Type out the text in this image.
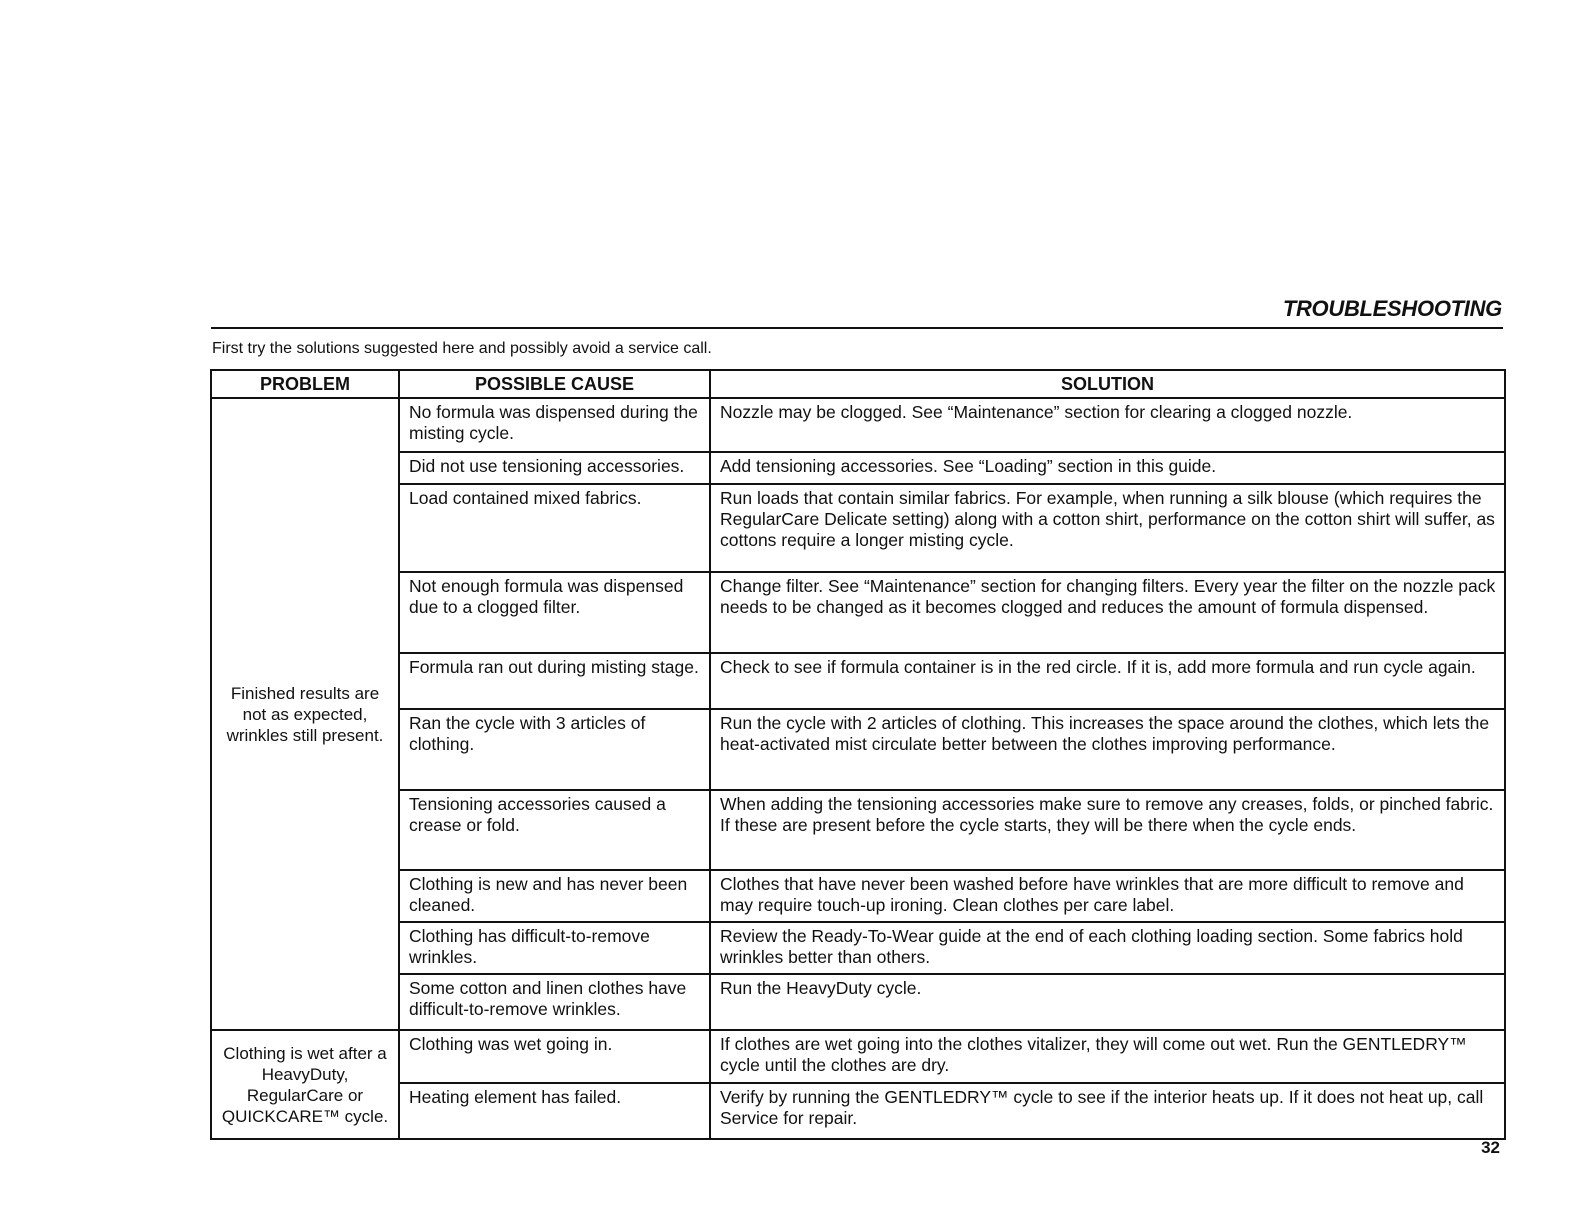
TROUBLESHOOTING
First try the solutions suggested here and possibly avoid a service call.
PROBLEM	POSSIBLE CAUSE	SOLUTION
Finished results are not as expected, wrinkles still present.	No formula was dispensed during the misting cycle.	Nozzle may be clogged. See “Maintenance” section for clearing a clogged nozzle.
	Did not use tensioning accessories.	Add tensioning accessories. See “Loading” section in this guide.
	Load contained mixed fabrics.	Run loads that contain similar fabrics. For example, when running a silk blouse (which requires the RegularCare Delicate setting) along with a cotton shirt, performance on the cotton shirt will suffer, as cottons require a longer misting cycle.
	Not enough formula was dispensed due to a clogged filter.	Change filter. See “Maintenance” section for changing filters. Every year the filter on the nozzle pack needs to be changed as it becomes clogged and reduces the amount of formula dispensed.
	Formula ran out during misting stage.	Check to see if formula container is in the red circle. If it is, add more formula and run cycle again.
	Ran the cycle with 3 articles of clothing.	Run the cycle with 2 articles of clothing. This increases the space around the clothes, which lets the heat-activated mist circulate better between the clothes improving performance.
	Tensioning accessories caused a crease or fold.	When adding the tensioning accessories make sure to remove any creases, folds, or pinched fabric. If these are present before the cycle starts, they will be there when the cycle ends.
	Clothing is new and has never been cleaned.	Clothes that have never been washed before have wrinkles that are more difficult to remove and may require touch-up ironing. Clean clothes per care label.
	Clothing has difficult-to-remove wrinkles.	Review the Ready-To-Wear guide at the end of each clothing loading section. Some fabrics hold wrinkles better than others.
	Some cotton and linen clothes have difficult-to-remove wrinkles.	Run the HeavyDuty cycle.
Clothing is wet after a HeavyDuty, RegularCare or QUICKCARE™ cycle.	Clothing was wet going in.	If clothes are wet going into the clothes vitalizer, they will come out wet. Run the GENTLEDRY™ cycle until the clothes are dry.
	Heating element has failed.	Verify by running the GENTLEDRY™ cycle to see if the interior heats up. If it does not heat up, call Service for repair.
32
